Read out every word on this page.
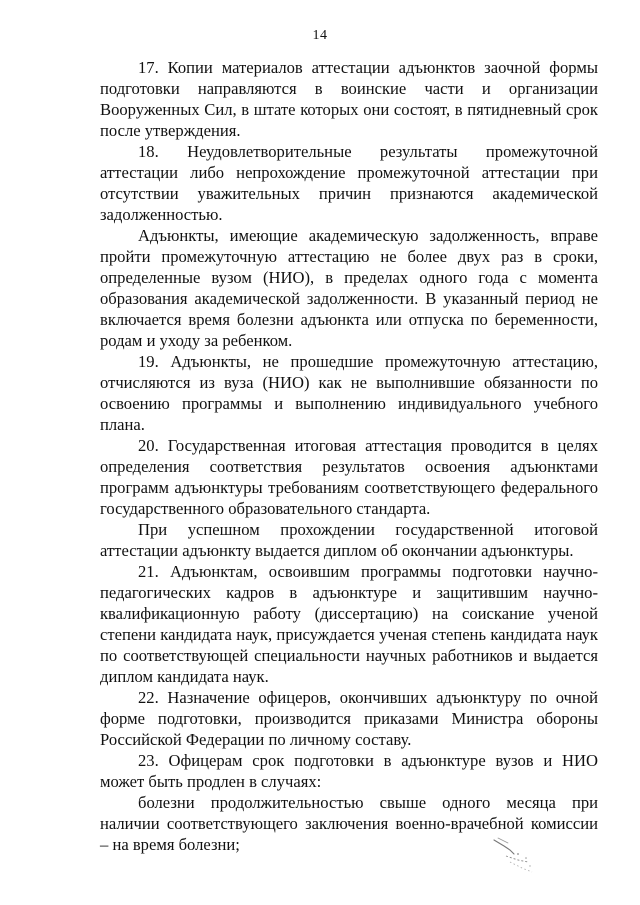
14

17. Копии материалов аттестации адъюнктов заочной формы подготовки направляются в воинские части и организации Вооруженных Сил, в штате которых они состоят, в пятидневный срок после утверждения.

18. Неудовлетворительные результаты промежуточной аттестации либо непрохождение промежуточной аттестации при отсутствии уважительных причин признаются академической задолженностью.

Адъюнкты, имеющие академическую задолженность, вправе пройти промежуточную аттестацию не более двух раз в сроки, определенные вузом (НИО), в пределах одного года с момента образования академической задолженности. В указанный период не включается время болезни адъюнкта или отпуска по беременности, родам и уходу за ребенком.

19. Адъюнкты, не прошедшие промежуточную аттестацию, отчисляются из вуза (НИО) как не выполнившие обязанности по освоению программы и выполнению индивидуального учебного плана.

20. Государственная итоговая аттестация проводится в целях определения соответствия результатов освоения адъюнктами программ адъюнктуры требованиям соответствующего федерального государственного образовательного стандарта.

При успешном прохождении государственной итоговой аттестации адъюнкту выдается диплом об окончании адъюнктуры.

21. Адъюнктам, освоившим программы подготовки научно-педагогических кадров в адъюнктуре и защитившим научно-квалификационную работу (диссертацию) на соискание ученой степени кандидата наук, присуждается ученая степень кандидата наук по соответствующей специальности научных работников и выдается диплом кандидата наук.

22. Назначение офицеров, окончивших адъюнктуру по очной форме подготовки, производится приказами Министра обороны Российской Федерации по личному составу.

23. Офицерам срок подготовки в адъюнктуре вузов и НИО может быть продлен в случаях:

болезни продолжительностью свыше одного месяца при наличии соответствующего заключения военно-врачебной комиссии – на время болезни;
